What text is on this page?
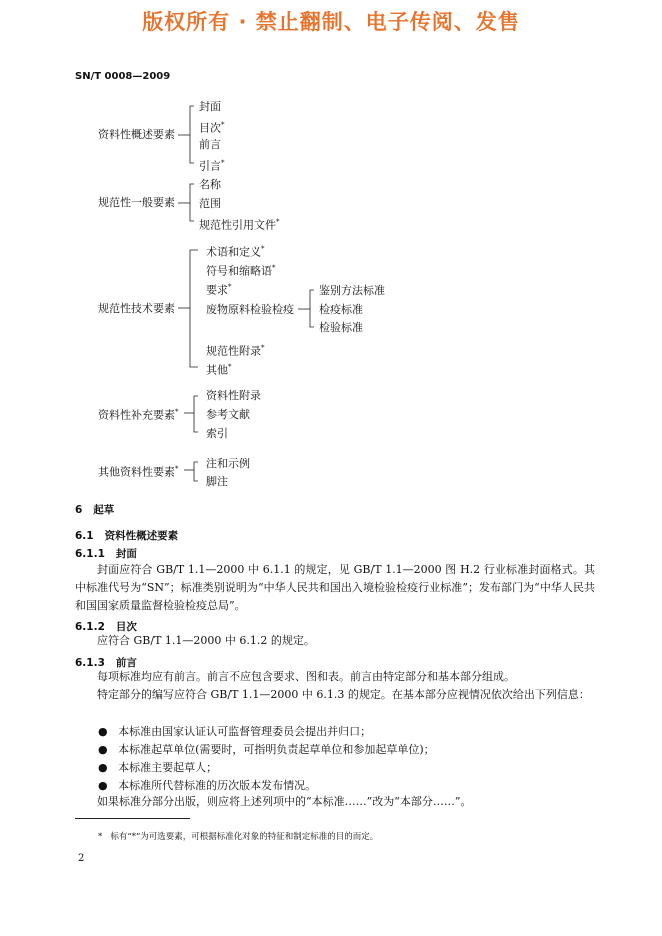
版权所有 · 禁止翻制、电子传阅、发售
SN/T 0008—2009
资料性概述要素
封面
目次*
前言
引言*
规范性一般要素
名称
范围
规范性引用文件*
规范性技术要素
术语和定义*
符号和缩略语*
要求*
废物原料检验检疫
鉴别方法标准
检疫标准
检验标准
规范性附录*
其他*
资料性补充要素*
资料性附录
参考文献
索引
其他资料性要素*	注和示例
脚注
6 起草
6.1 资料性概述要素
6.1.1 封面
封面应符合 GB/T 1.1—2000 中 6.1.1 的规定，见 GB/T 1.1—2000 图 H.2 行业标准封面格式。其中标准代号为“SN”；标准类别说明为“中华人民共和国出入境检验检疫行业标准”；发布部门为“中华人民共和国国家质量监督检验检疫总局”。
6.1.2 目次
应符合 GB/T 1.1—2000 中 6.1.2 的规定。
6.1.3 前言
每项标准均应有前言。前言不应包含要求、图和表。前言由特定部分和基本部分组成。
特定部分的编写应符合 GB/T 1.1—2000 中 6.1.3 的规定。在基本部分应视情况依次给出下列信息：
●   本标准由国家认证认可监督管理委员会提出并归口；
●   本标准起草单位(需要时，可指明负责起草单位和参加起草单位)；
●   本标准主要起草人；
●   本标准所代替标准的历次版本发布情况。
如果标准分部分出版，则应将上述列项中的“本标准……”改为“本部分……”。
* 标有“*”为可选要素，可根据标准化对象的特征和制定标准的目的而定。
2
